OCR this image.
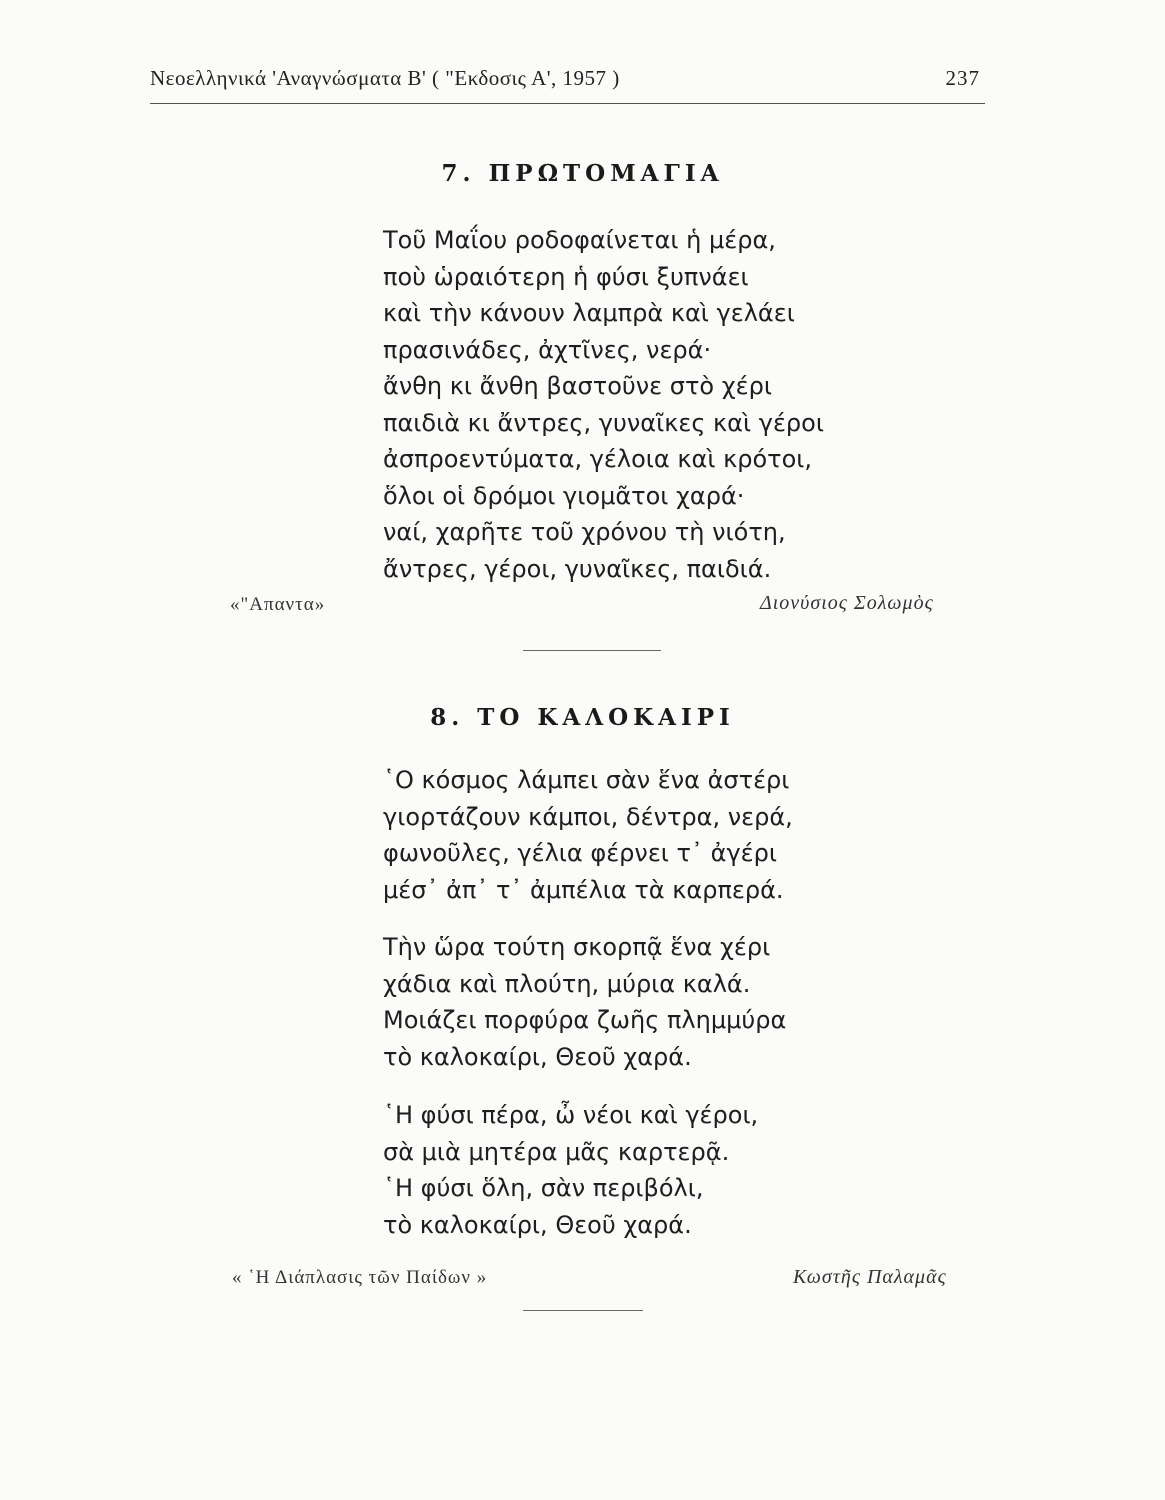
Νεοελληνικά 'Αναγνώσματα Β' ( "Εκδοσις Α', 1957 )	237
7. ΠΡΩΤΟΜΑΓΙΑ
Τοῦ Μαΐου ροδοφαίνεται ἡ μέρα,
ποὺ ὡραιότερη ἡ φύσι ξυπνάει
καὶ τὴν κάνουν λαμπρὰ καὶ γελάει
πρασινάδες, ἀχτῖνες, νερά·
ἄνθη κι ἄνθη βαστοῦνε στὸ χέρι
παιδιὰ κι ἄντρες, γυναῖκες καὶ γέροι
ἀσπροεντύματα, γέλοια καὶ κρότοι,
ὅλοι οἱ δρόμοι γιομᾶτοι χαρά·
ναί, χαρῆτε τοῦ χρόνου τὴ νιότη,
ἄντρες, γέροι, γυναῖκες, παιδιά.
«"Απαντα»	Διονύσιος Σολωμὸς
8. ΤΟ ΚΑΛΟΚΑΙΡΙ
῾Ο κόσμος λάμπει σὰν ἕνα ἀστέρι
γιορτάζουν κάμποι, δέντρα, νερά,
φωνοῦλες, γέλια φέρνει τ᾽ ἀγέρι
μέσ᾽ ἀπ᾽ τ᾽ ἀμπέλια τὰ καρπερά.
Τὴν ὥρα τούτη σκορπᾷ ἕνα χέρι
χάδια καὶ πλούτη, μύρια καλά.
Μοιάζει πορφύρα ζωῆς πλημμύρα
τὸ καλοκαίρι, Θεοῦ χαρά.
῾Η φύσι πέρα, ὦ νέοι καὶ γέροι,
σὰ μιὰ μητέρα μᾶς καρτερᾷ.
῾Η φύσι ὅλη, σὰν περιβόλι,
τὸ καλοκαίρι, Θεοῦ χαρά.
« ῾Η Διάπλασις τῶν Παίδων »	Κωστῆς Παλαμᾶς
